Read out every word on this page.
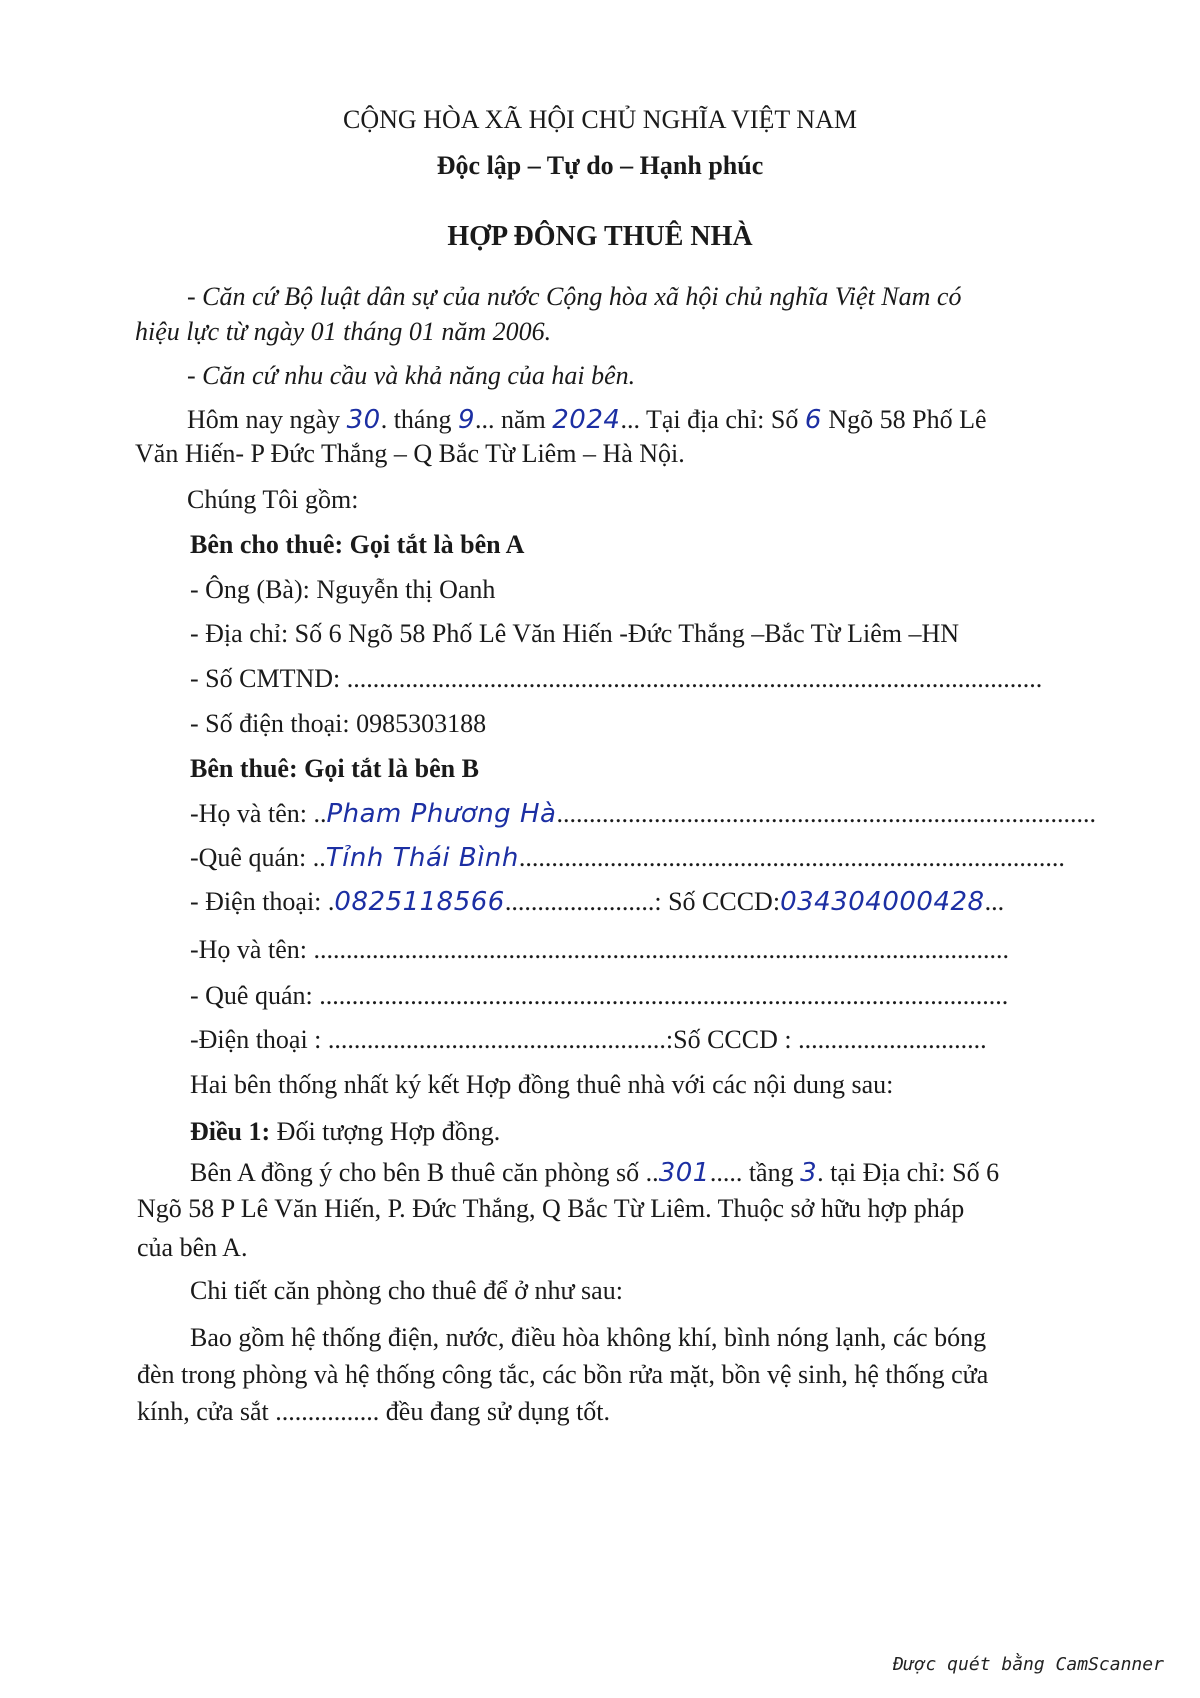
CỘNG HÒA XÃ HỘI CHỦ NGHĨA VIỆT NAM
Độc lập – Tự do – Hạnh phúc
HỢP ĐÔNG THUÊ NHÀ
- Căn cứ Bộ luật dân sự của nước Cộng hòa xã hội chủ nghĩa Việt Nam có
hiệu lực từ ngày 01 tháng 01 năm 2006.
- Căn cứ nhu cầu và khả năng của hai bên.
Hôm nay ngày 30. tháng 9... năm 2024... Tại địa chỉ: Số 6 Ngõ 58 Phố Lê
Văn Hiến- P Đức Thắng – Q Bắc Từ Liêm – Hà Nội.
Chúng Tôi gồm:
Bên cho thuê: Gọi tắt là bên A
- Ông (Bà): Nguyễn thị Oanh
- Địa chỉ: Số 6 Ngõ 58 Phố Lê Văn Hiến -Đức Thắng –Bắc Từ Liêm –HN
- Số CMTND: ...........................................................................................................
- Số điện thoại: 0985303188
Bên thuê: Gọi tắt là bên B
-Họ và tên: ..Pham Phương Hà...................................................................................
-Quê quán: ..Tỉnh Thái Bình....................................................................................
- Điện thoại: .0825118566.......................: Số CCCD:034304000428...
-Họ và tên: ...........................................................................................................
- Quê quán: ..........................................................................................................
-Điện thoại : ....................................................:Số CCCD : .............................
Hai bên thống nhất ký kết Hợp đồng thuê nhà với các nội dung sau:
Điều 1: Đối tượng Hợp đồng.
Bên A đồng ý cho bên B thuê căn phòng số ..301..... tầng 3. tại Địa chỉ: Số 6
Ngõ 58 P Lê Văn Hiến, P. Đức Thắng, Q Bắc Từ Liêm. Thuộc sở hữu hợp pháp
của bên A.
Chi tiết căn phòng cho thuê để ở như sau:
Bao gồm hệ thống điện, nước, điều hòa không khí, bình nóng lạnh, các bóng
đèn trong phòng và hệ thống công tắc, các bồn rửa mặt, bồn vệ sinh, hệ thống cửa
kính, cửa sắt ................ đều đang sử dụng tốt.
Được quét bằng CamScanner
